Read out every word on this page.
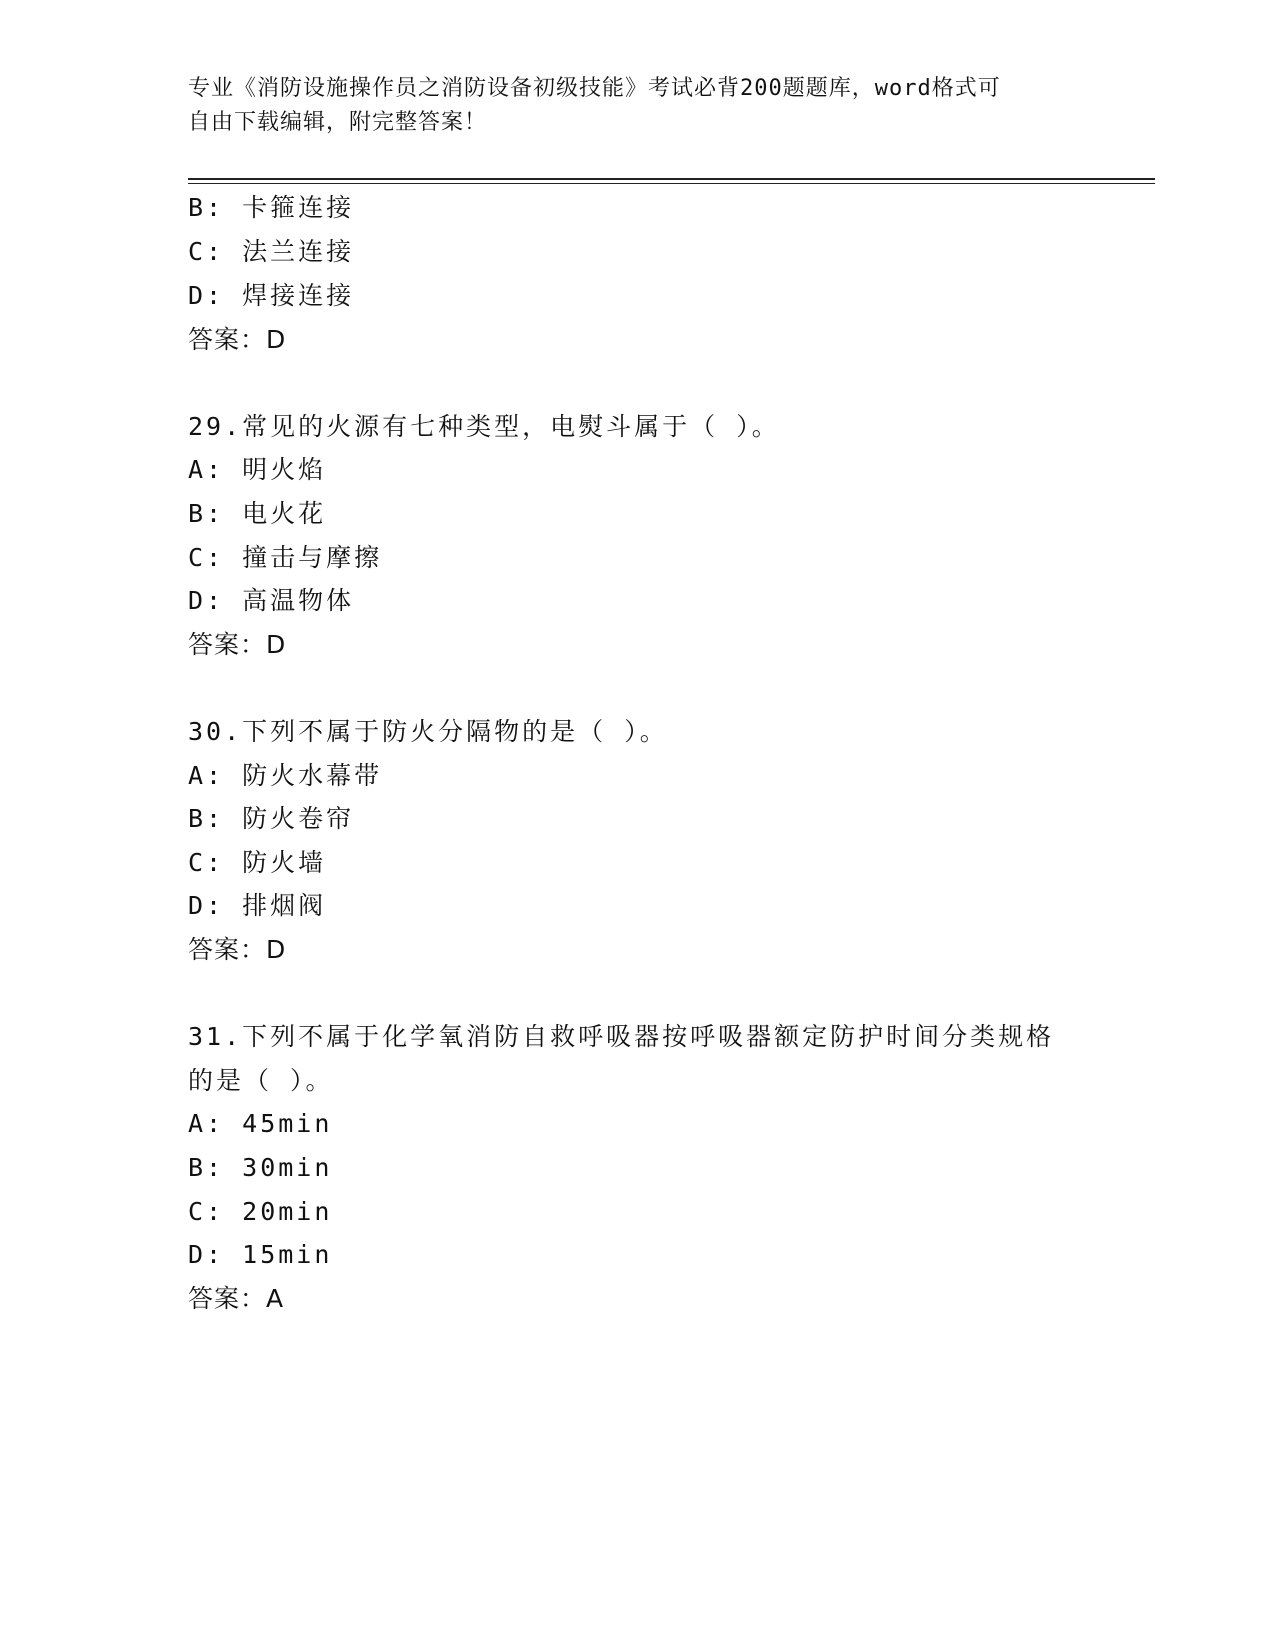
专业《消防设施操作员之消防设备初级技能》考试必背200题题库，word格式可
自由下载编辑，附完整答案！
B: 卡箍连接
C: 法兰连接
D: 焊接连接
答案：D
29.常见的火源有七种类型，电熨斗属于（ ）。
A: 明火焰
B: 电火花
C: 撞击与摩擦
D: 高温物体
答案：D
30.下列不属于防火分隔物的是（ ）。
A: 防火水幕带
B: 防火卷帘
C: 防火墙
D: 排烟阀
答案：D
31.下列不属于化学氧消防自救呼吸器按呼吸器额定防护时间分类规格
的是（ ）。
A: 45min
B: 30min
C: 20min
D: 15min
答案：A
